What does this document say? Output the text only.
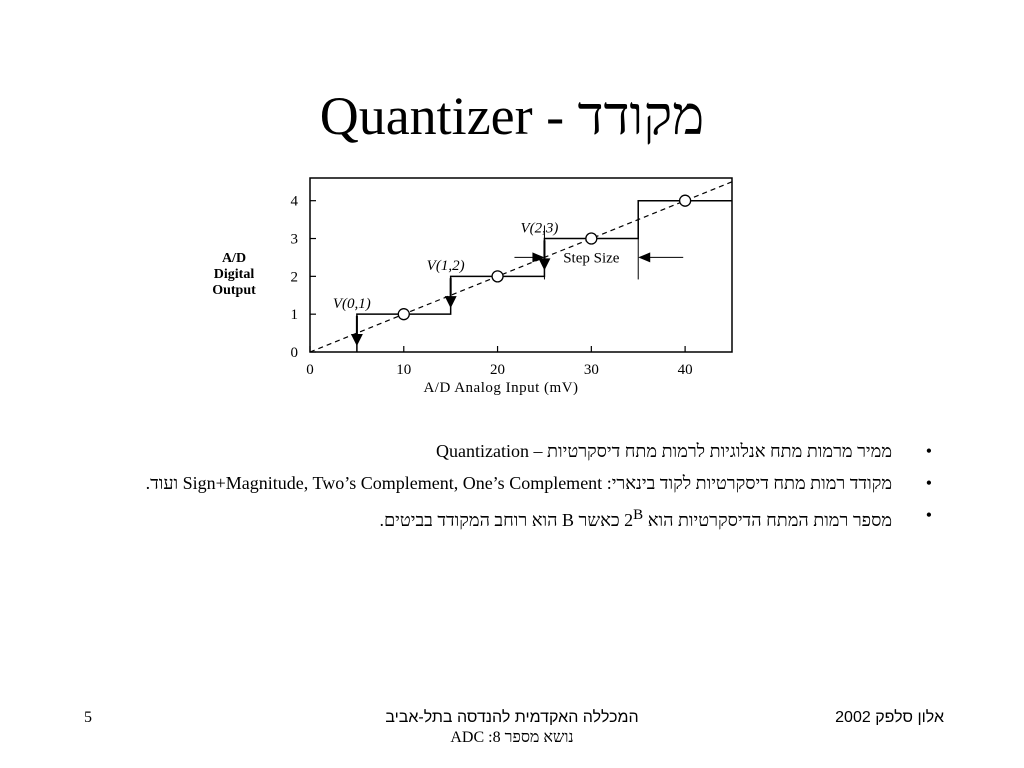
מקודד - Quantizer
A/D
Digital
Output
0	10	20	30	40
0
1
2
3
4
V(0,1)
V(1,2)
V(2,3)
Step Size
A/D Analog Input (mV)
•
ממיר מרמות מתח אנלוגיות לרמות מתח דיסקרטיות Quantization –
•
מקודד רמות מתח דיסקרטיות לקוד בינארי: Sign+Magnitude, Two’s Complement, One’s Complement ועוד.
•
מספר רמות המתח הדיסקרטיות הוא $2^B$ כאשר B הוא רוחב המקודד בביטים.
5	המכללה האקדמית להנדסה בתל-אביב
נושא מספר 8: ADC
אלון סלפק 2002
